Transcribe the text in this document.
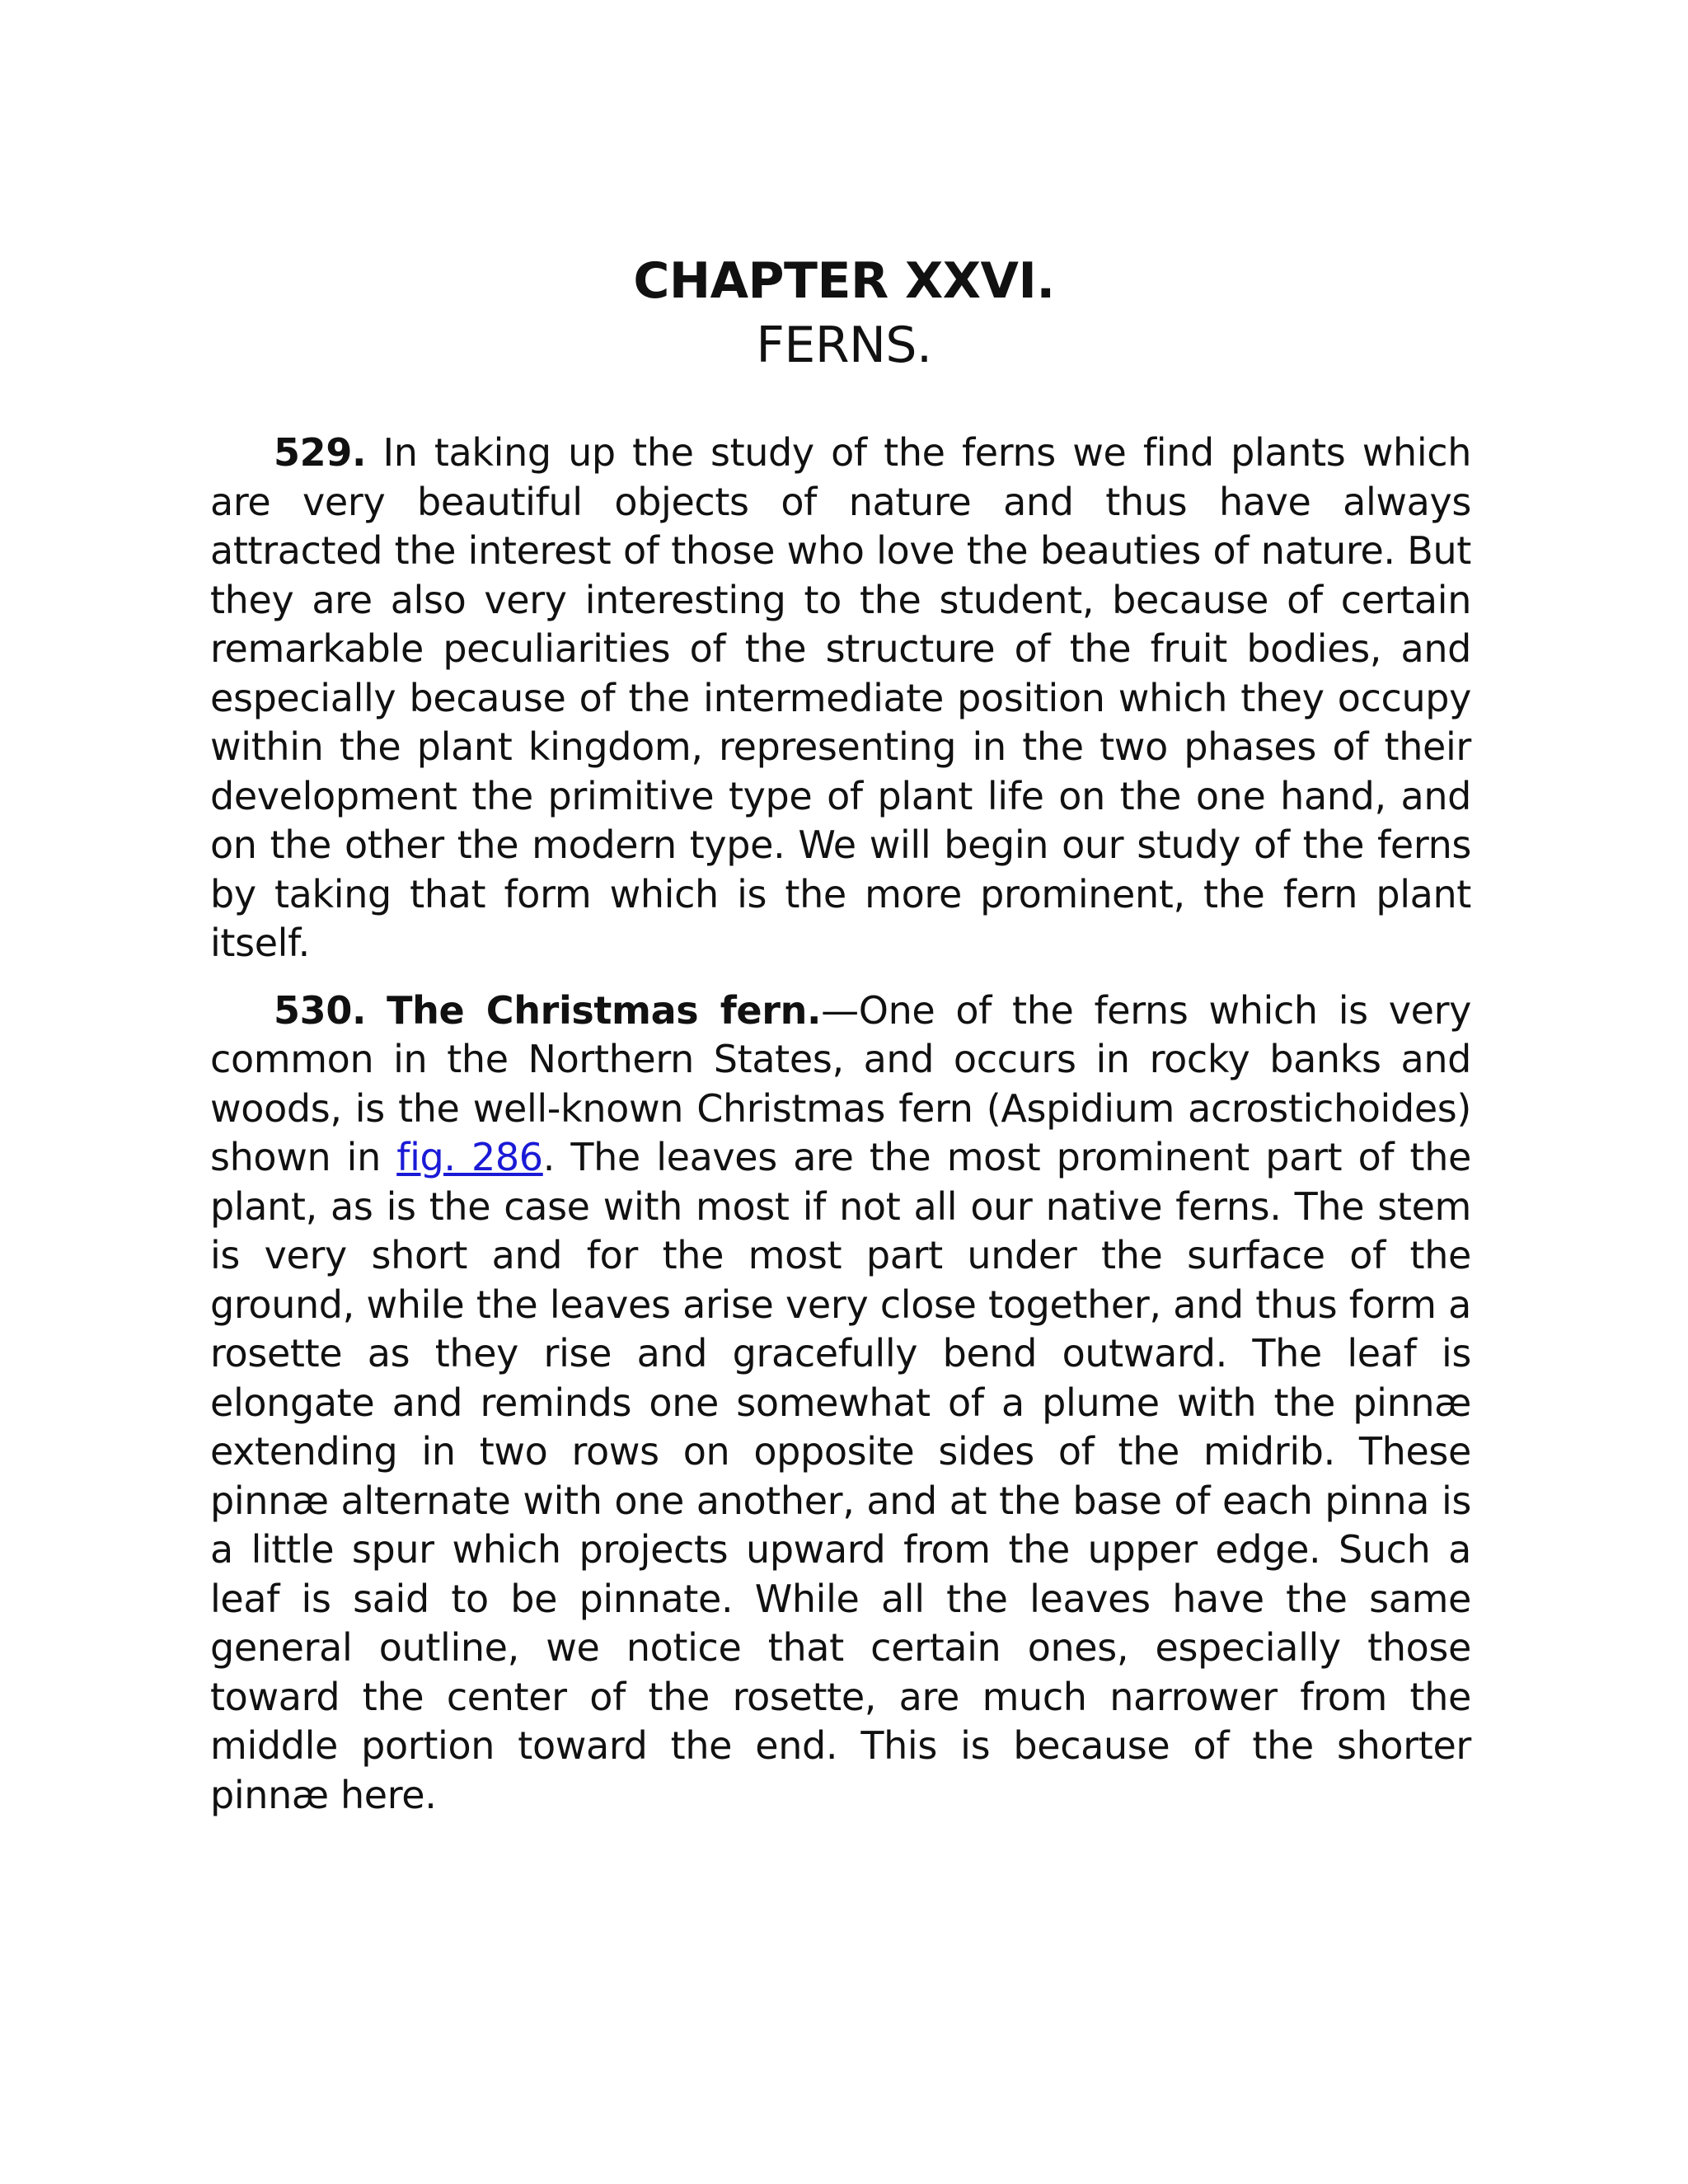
CHAPTER XXVI.
FERNS.

529. In taking up the study of the ferns we find plants which are very beautiful objects of nature and thus have always attracted the interest of those who love the beauties of nature. But they are also very interesting to the student, because of certain remarkable peculiarities of the structure of the fruit bodies, and especially because of the intermediate position which they occupy within the plant kingdom, representing in the two phases of their development the primitive type of plant life on the one hand, and on the other the modern type. We will begin our study of the ferns by taking that form which is the more prominent, the fern plant itself.

530. The Christmas fern.—One of the ferns which is very common in the Northern States, and occurs in rocky banks and woods, is the well-known Christmas fern (Aspidium acrostichoides) shown in fig. 286. The leaves are the most prominent part of the plant, as is the case with most if not all our native ferns. The stem is very short and for the most part under the surface of the ground, while the leaves arise very close together, and thus form a rosette as they rise and gracefully bend outward. The leaf is elongate and reminds one somewhat of a plume with the pinnæ extending in two rows on opposite sides of the midrib. These pinnæ alternate with one another, and at the base of each pinna is a little spur which projects upward from the upper edge. Such a leaf is said to be pinnate. While all the leaves have the same general outline, we notice that certain ones, especially those toward the center of the rosette, are much narrower from the middle portion toward the end. This is because of the shorter pinnæ here.
